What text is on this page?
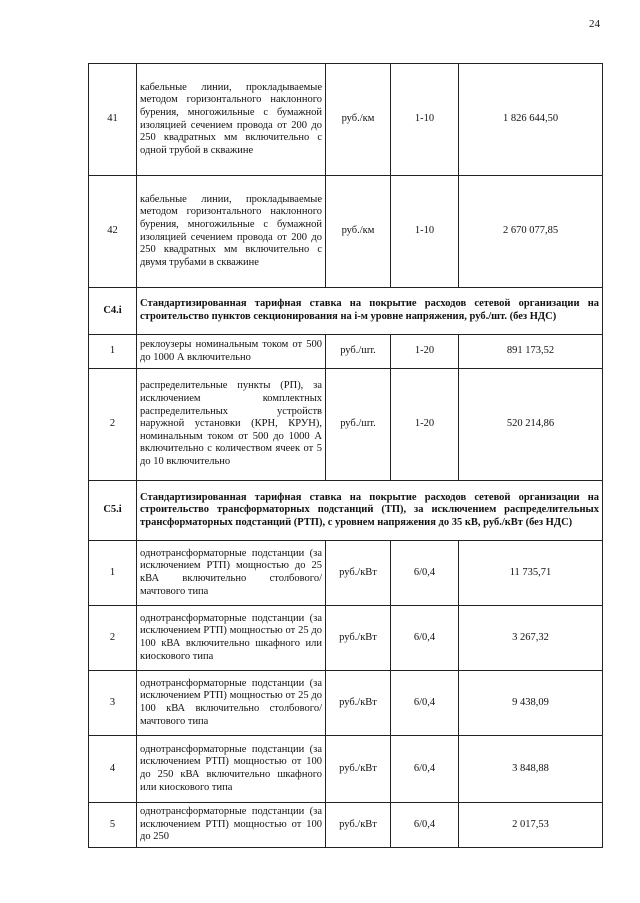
24
41	кабельные линии, прокладываемые методом горизонтального наклонного бурения, многожильные с бумажной изоляцией сечением провода от 200 до 250 квадратных мм включительно с одной трубой в скважине	руб./км	1-10	1 826 644,50
42	кабельные линии, прокладываемые методом горизонтального наклонного бурения, многожильные с бумажной изоляцией сечением провода от 200 до 250 квадратных мм включительно с двумя трубами в скважине	руб./км	1-10	2 670 077,85
С4.i	Стандартизированная тарифная ставка на покрытие расходов сетевой организации на строительство пунктов секционирования на i-м уровне напряжения, руб./шт. (без НДС)			
1	реклоузеры номинальным током от 500 до 1000 А включительно	руб./шт.	1-20	891 173,52
2	распределительные пункты (РП), за исключением комплектных распределительных устройств наружной установки (КРН, КРУН), номинальным током от 500 до 1000 А включительно с количеством ячеек от 5 до 10 включительно	руб./шт.	1-20	520 214,86
С5.i	Стандартизированная тарифная ставка на покрытие расходов сетевой организации на строительство трансформаторных подстанций (ТП), за исключением распределительных трансформаторных подстанций (РТП), с уровнем напряжения до 35 кВ, руб./кВт (без НДС)			
1	однотрансформаторные подстанции (за исключением РТП) мощностью до 25 кВА включительно столбового/мачтового типа	руб./кВт	6/0,4	11 735,71
2	однотрансформаторные подстанции (за исключением РТП) мощностью от 25 до 100 кВА включительно шкафного или киоскового типа	руб./кВт	6/0,4	3 267,32
3	однотрансформаторные подстанции (за исключением РТП) мощностью от 25 до 100 кВА включительно столбового/мачтового типа	руб./кВт	6/0,4	9 438,09
4	однотрансформаторные подстанции (за исключением РТП) мощностью от 100 до 250 кВА включительно шкафного или киоскового типа	руб./кВт	6/0,4	3 848,88
5	однотрансформаторные подстанции (за исключением РТП) мощностью от 100 до 250	руб./кВт	6/0,4	2 017,53
